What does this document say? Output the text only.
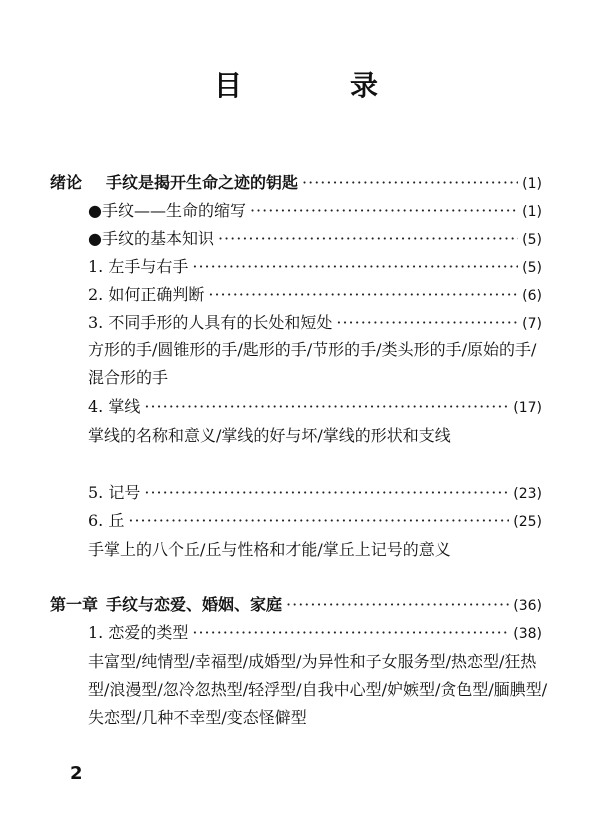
目　录
绪论 手纹是揭开生命之迹的钥匙 ·····	(1)
●手纹——生命的缩写 ·····	(1)
●手纹的基本知识 ·····	(5)
1. 左手与右手 ·····	(5)
2. 如何正确判断 ·····	(6)
3. 不同手形的人具有的长处和短处 ·····	(7)
方形的手/圆锥形的手/匙形的手/节形的手/类头形的手/原始的手/混合形的手
4. 掌线 ·····	(17)
掌线的名称和意义/掌线的好与坏/掌线的形状和支线
5. 记号 ·····	(23)
6. 丘 ·····	(25)
手掌上的八个丘/丘与性格和才能/掌丘上记号的意义
第一章 手纹与恋爱、婚姻、家庭 ·····	(36)
1. 恋爱的类型 ·····	(38)
丰富型/纯情型/幸福型/成婚型/为异性和子女服务型/热恋型/狂热型/浪漫型/忽冷忽热型/轻浮型/自我中心型/妒嫉型/贪色型/腼腆型/失恋型/几种不幸型/变态怪僻型
2
